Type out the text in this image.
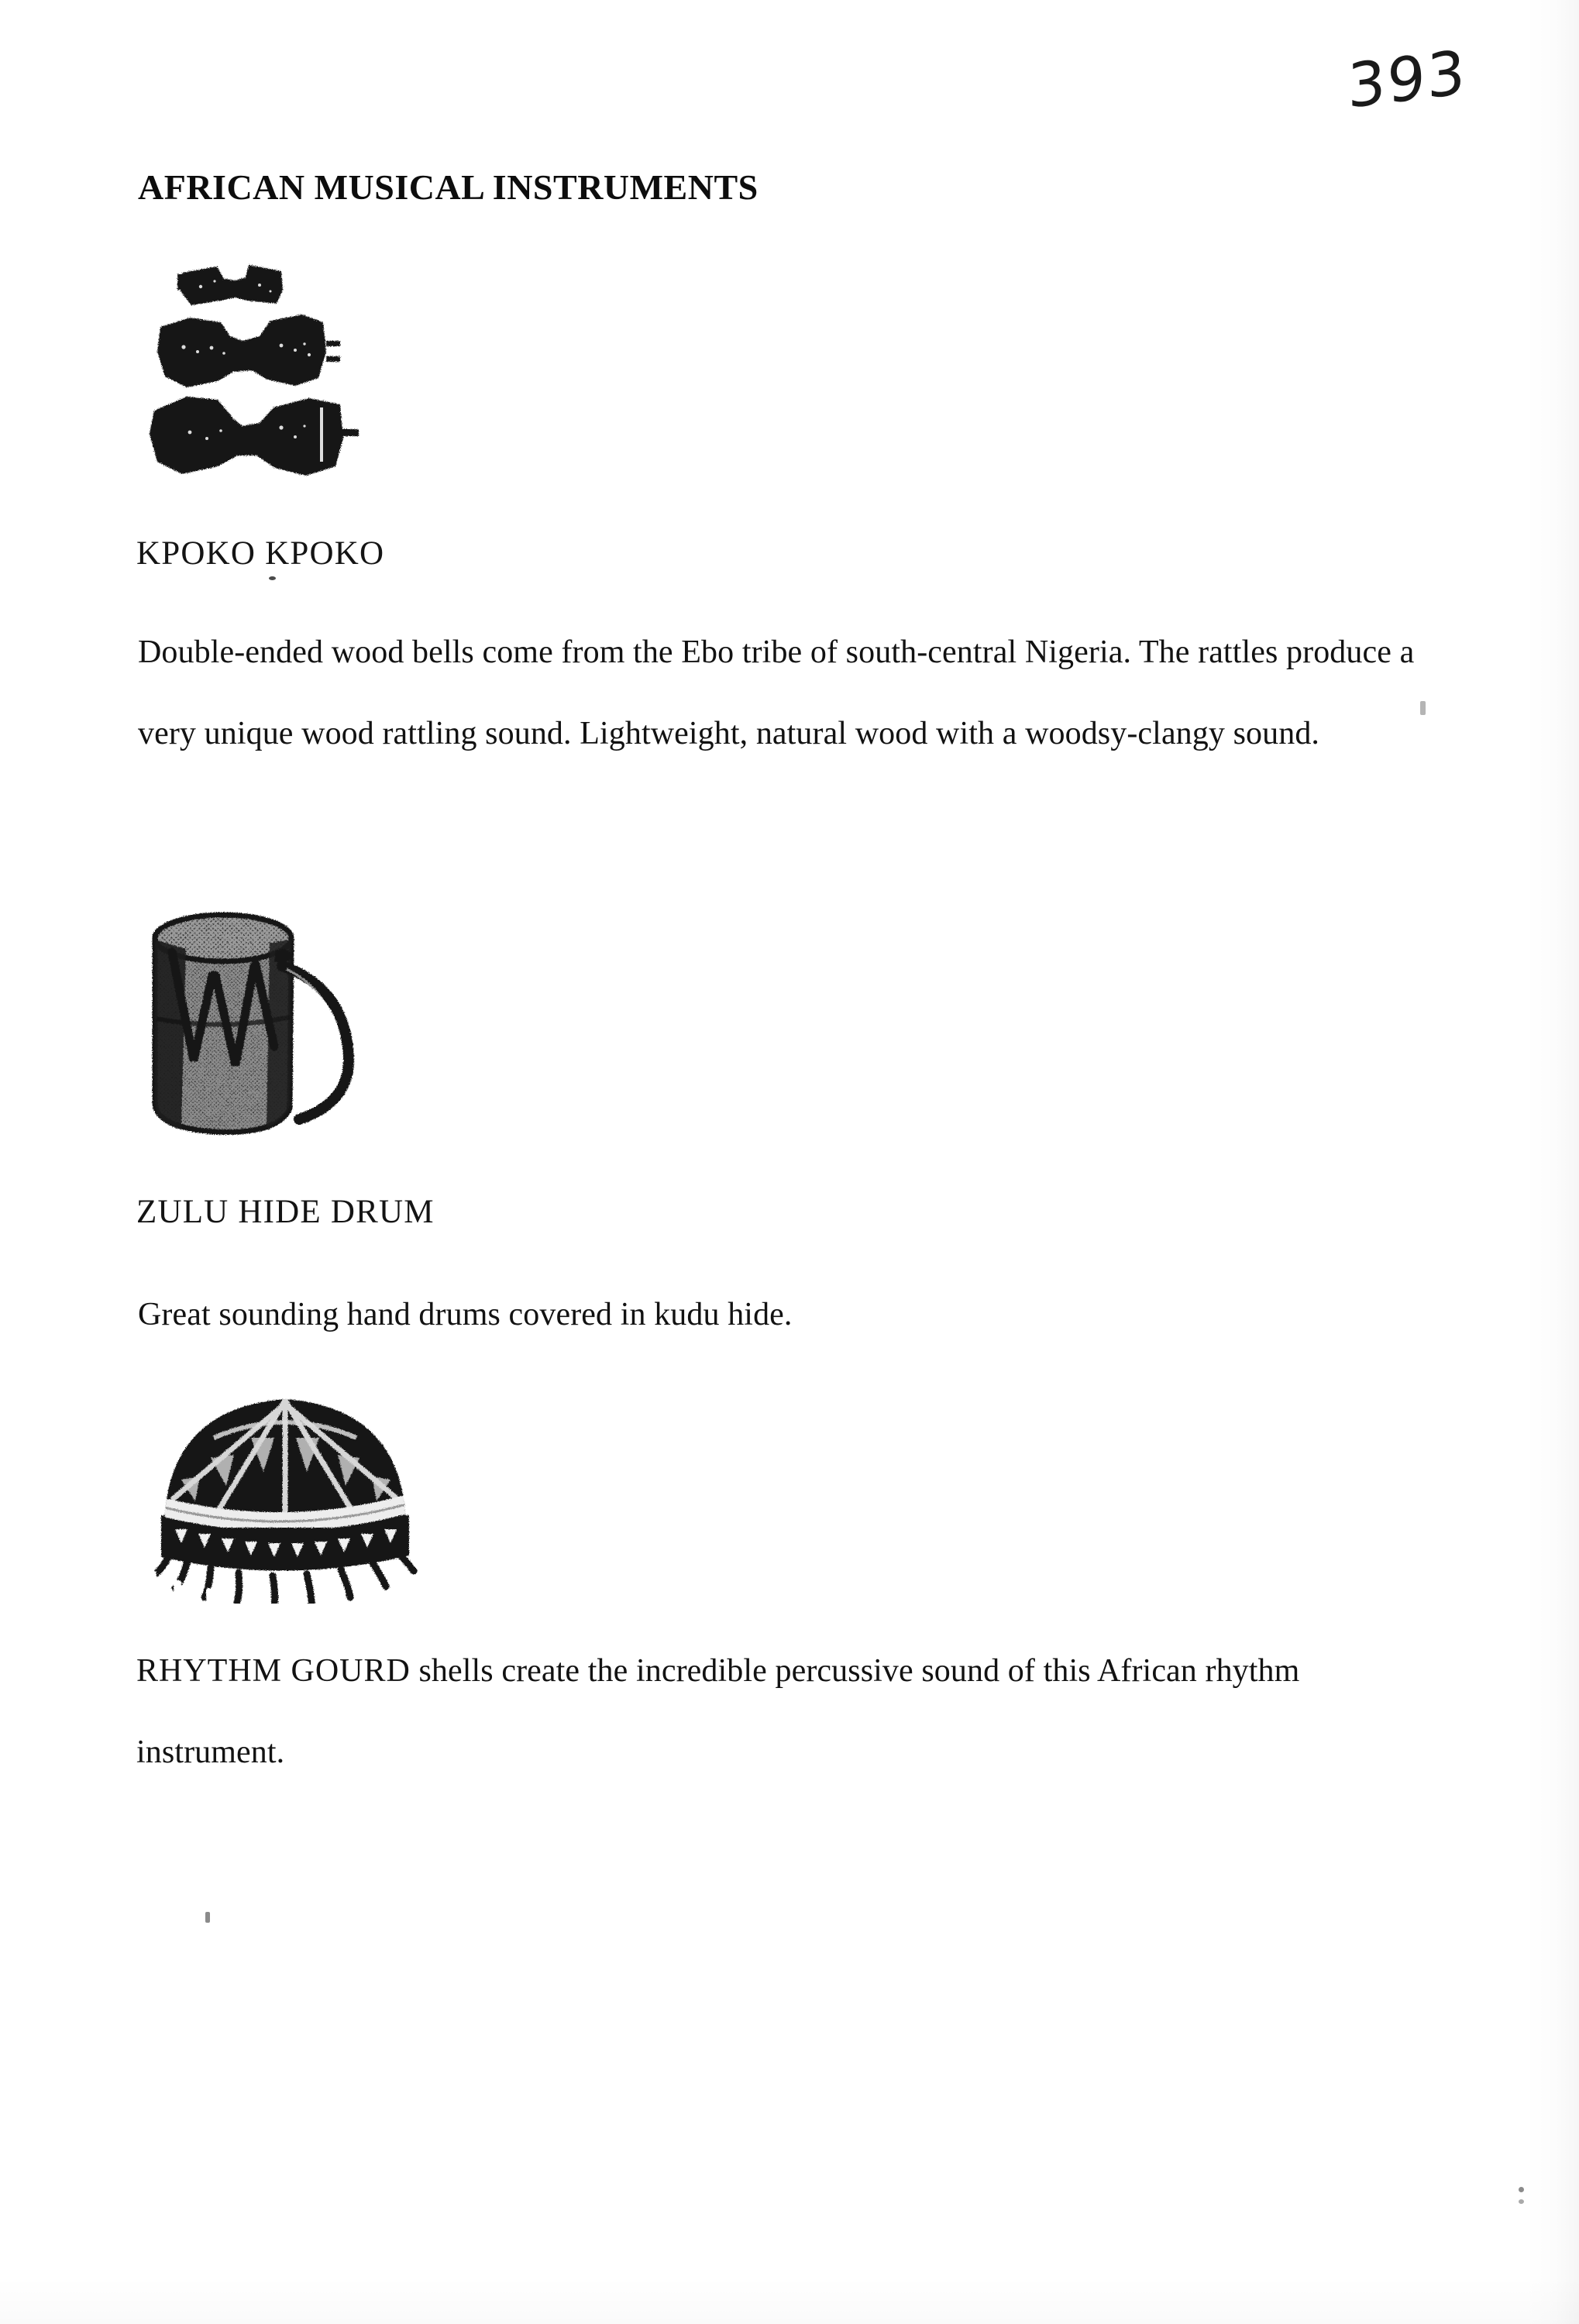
393
AFRICAN MUSICAL INSTRUMENTS
KPOKO KPOKO
Double-ended wood bells come from the Ebo tribe of south-central Nigeria. The rattles produce a very unique wood rattling sound. Lightweight, natural wood with a woodsy-clangy sound.
ZULU HIDE DRUM
Great sounding hand drums covered in kudu hide.
RHYTHM GOURD shells create the incredible percussive sound of this African rhythm instrument.
